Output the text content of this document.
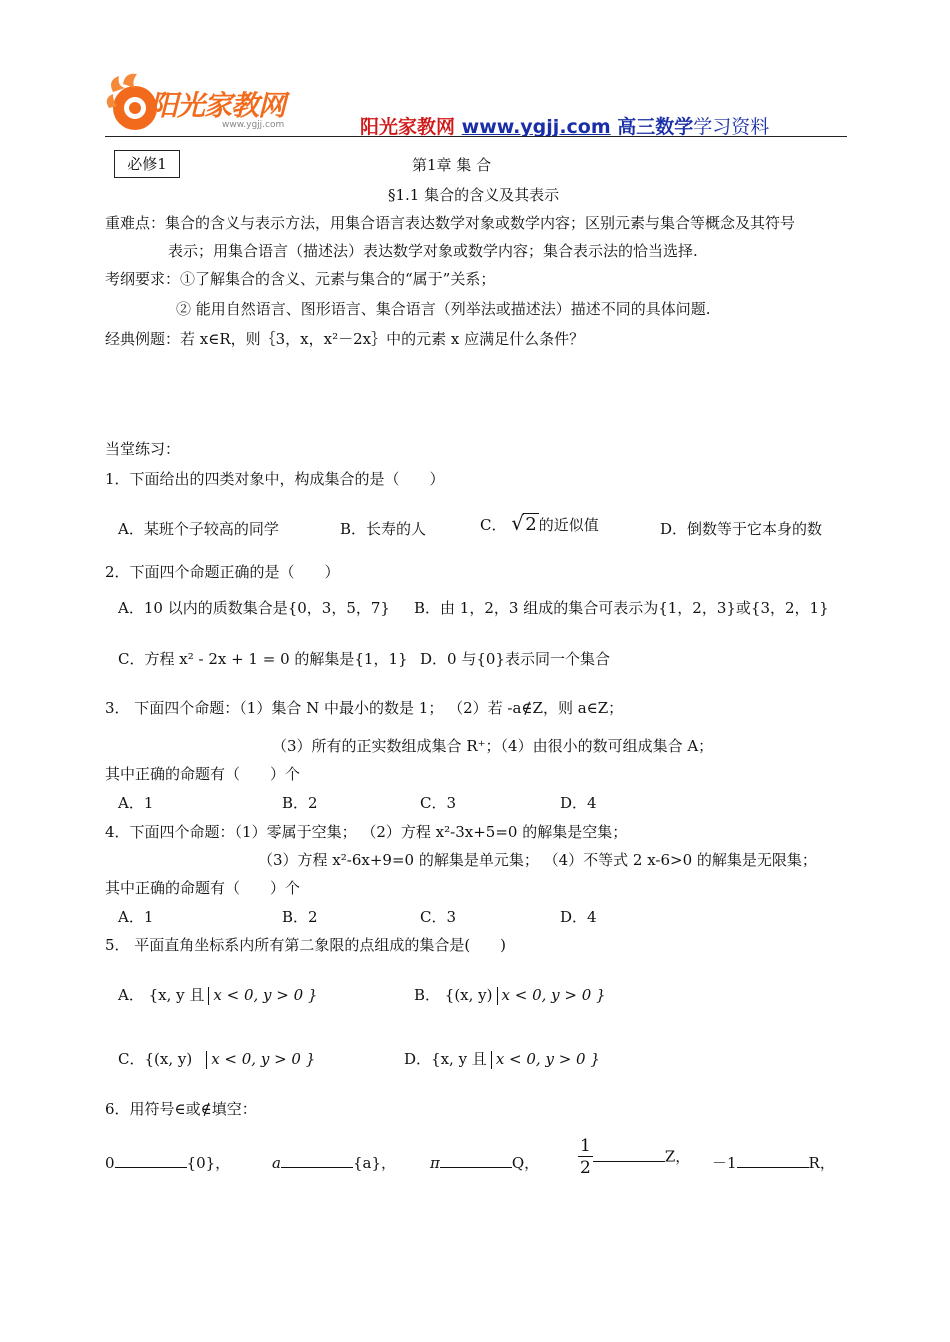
阳光家教网
www.ygjj.com	阳光家教网 www.ygjj.com 高三数学学习资料
必修1	第1章 集 合
§1.1 集合的含义及其表示
重难点：集合的含义与表示方法，用集合语言表达数学对象或数学内容；区别元素与集合等概念及其符号
表示；用集合语言（描述法）表达数学对象或数学内容；集合表示法的恰当选择.
考纲要求：①了解集合的含义、元素与集合的“属于”关系；
② 能用自然语言、图形语言、集合语言（列举法或描述法）描述不同的具体问题.
经典例题：若 x∈R，则｛3，x，x²－2x｝中的元素 x 应满足什么条件？
当堂练习：
1．下面给出的四类对象中，构成集合的是（　　）
A．某班个子较高的同学	B．长寿的人	C． √ 2 的近似值	D．倒数等于它本身的数
2．下面四个命题正确的是（　　）
A．10 以内的质数集合是{0，3，5，7} B．由 1，2，3 组成的集合可表示为{1，2，3}或{3，2，1}
C．方程 x² - 2x + 1 = 0 的解集是{1，1} D．0 与{0}表示同一个集合
3． 下面四个命题：（1）集合 N 中最小的数是 1； （2）若 -a∉Z，则 a∈Z；
（3）所有的正实数组成集合 R⁺；（4）由很小的数可组成集合 A；
其中正确的命题有（　　）个
A．1	B．2	C．3	D．4
4．下面四个命题：（1）零属于空集； （2）方程 x²-3x+5=0 的解集是空集；
（3）方程 x²-6x+9=0 的解集是单元集； （4）不等式 2 x-6>0 的解集是无限集；
其中正确的命题有（　　）个
A．1	B．2	C．3	D．4
5． 平面直角坐标系内所有第二象限的点组成的集合是(　　)
A． {x, y 且 x < 0, y > 0 }	B． {(x, y) x < 0, y > 0 }
C．{(x, y) x < 0, y > 0 }	D．{x, y 且 x < 0, y > 0 }
6．用符号∈或∉填空：
0	{0}，	a	{a}， π	Q， $\frac{1}{2}$	Z， －1	R，
